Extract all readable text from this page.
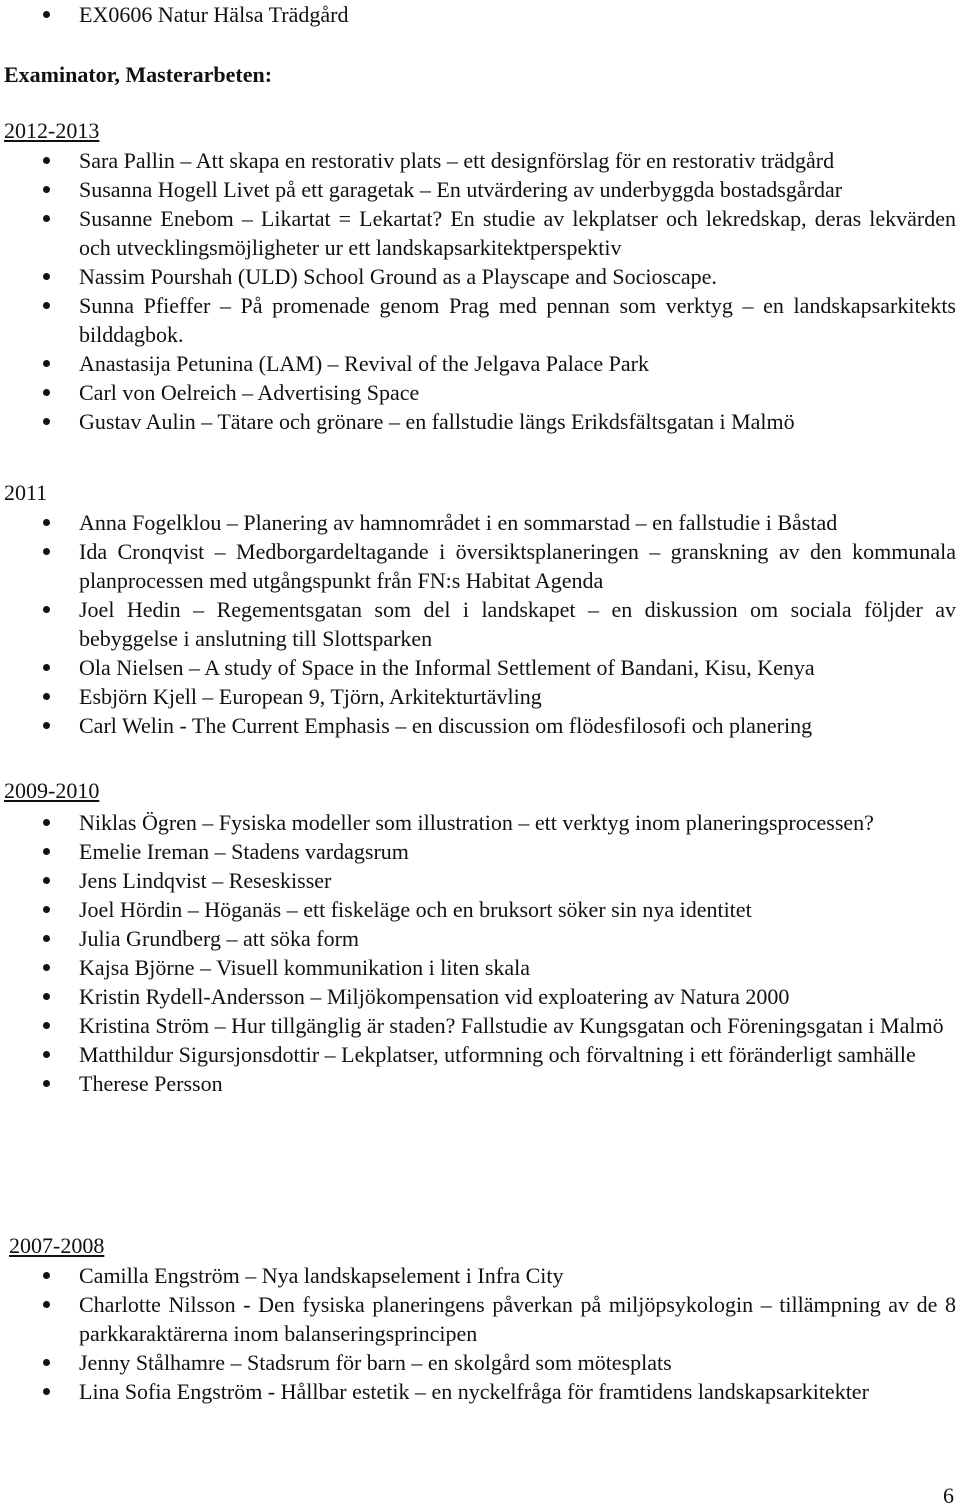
EX0606 Natur Hälsa Trädgård
Examinator, Masterarbeten:
2012-2013
Sara Pallin – Att skapa en restorativ plats – ett designförslag för en restorativ trädgård
Susanna Hogell Livet på ett garagetak – En utvärdering av underbyggda bostadsgårdar
Susanne Enebom – Likartat = Lekartat? En studie av lekplatser och lekredskap, deras lekvärden och utvecklingsmöjligheter ur ett landskapsarkitektperspektiv
Nassim Pourshah (ULD) School Ground as a Playscape and Socioscape.
Sunna Pfieffer – På promenade genom Prag med pennan som verktyg – en landskapsarkitekts bilddagbok.
Anastasija Petunina (LAM) – Revival of the Jelgava Palace Park
Carl von Oelreich – Advertising Space
Gustav Aulin – Tätare och grönare – en fallstudie längs Erikdsfältsgatan i Malmö
2011
Anna Fogelklou – Planering av hamnområdet i en sommarstad – en fallstudie i Båstad
Ida Cronqvist – Medborgardeltagande i översiktsplaneringen – granskning av den kommunala planprocessen med utgångspunkt från FN:s Habitat Agenda
Joel Hedin – Regementsgatan som del i landskapet – en diskussion om sociala följder av bebyggelse i anslutning till Slottsparken
Ola Nielsen – A study of Space in the Informal Settlement of Bandani, Kisu, Kenya
Esbjörn Kjell – European 9, Tjörn, Arkitekturtävling
Carl Welin - The Current Emphasis – en discussion om flödesfilosofi och planering
2009-2010
Niklas Ögren – Fysiska modeller som illustration – ett verktyg inom planeringsprocessen?
Emelie Ireman – Stadens vardagsrum
Jens Lindqvist – Reseskisser
Joel Hördin – Höganäs – ett fiskeläge och en bruksort söker sin nya identitet
Julia Grundberg – att söka form
Kajsa Björne – Visuell kommunikation i liten skala
Kristin Rydell-Andersson – Miljökompensation vid exploatering av Natura 2000
Kristina Ström – Hur tillgänglig är staden? Fallstudie av Kungsgatan och Föreningsgatan i Malmö
Matthildur Sigursjonsdottir – Lekplatser, utformning och förvaltning i ett föränderligt samhälle
Therese Persson
2007-2008
Camilla Engström – Nya landskapselement i Infra City
Charlotte Nilsson - Den fysiska planeringens påverkan på miljöpsykologin – tillämpning av de 8 parkkaraktärerna inom balanseringsprincipen
Jenny Stålhamre – Stadsrum för barn – en skolgård som mötesplats
Lina Sofia Engström - Hållbar estetik – en nyckelfråga för framtidens landskapsarkitekter
6
